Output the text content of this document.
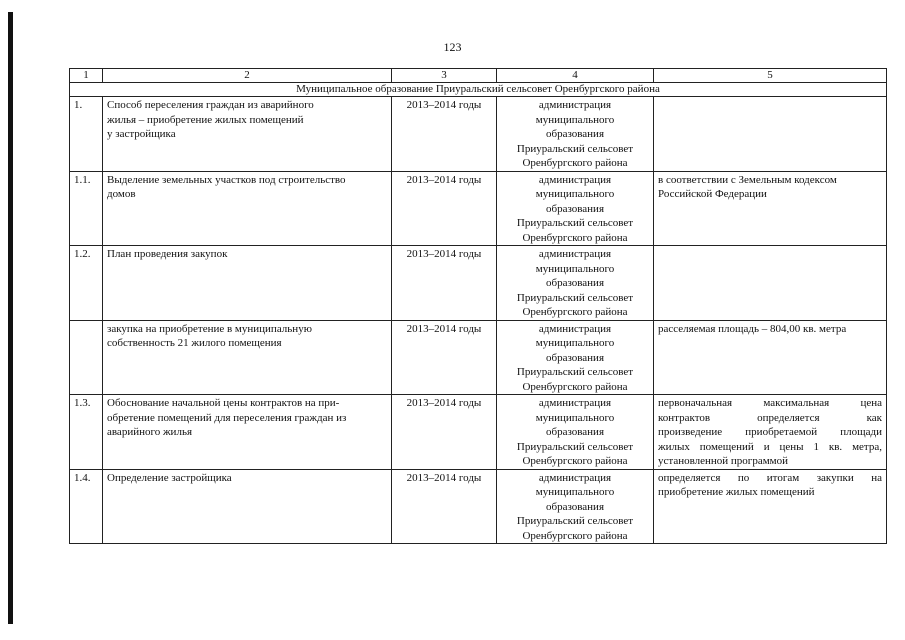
123
1	2	3	4	5
Муниципальное образование Приуральский сельсовет Оренбургского района				
1.	Способ переселения граждан из аварийного
жилья – приобретение жилых помещений
у застройщика	2013–2014 годы	администрация
муниципального
образования
Приуральский сельсовет
Оренбургского района	

1.1.	Выделение земельных участков под строительство
домов	2013–2014 годы	администрация
муниципального
образования
Приуральский сельсовет
Оренбургского района	в соответствии с Земельным кодексом
Российской Федерации

1.2.	План проведения закупок	2013–2014 годы	администрация
муниципального
образования
Приуральский сельсовет
Оренбургского района	

	закупка на приобретение в муниципальную
собственность 21 жилого помещения	2013–2014 годы	администрация
муниципального
образования
Приуральский сельсовет
Оренбургского района	расселяемая площадь – 804,00 кв. метра

1.3.	Обоснование начальной цены контрактов на при-
обретение помещений для переселения граждан из
аварийного жилья	2013–2014 годы	администрация
муниципального
образования
Приуральский сельсовет
Оренбургского района	первоначальная максимальная цена
контрактов определяется как
произведение приобретаемой площади
жилых помещений и цены 1 кв. метра,
установленной программой

1.4.	Определение застройщика	2013–2014 годы	администрация
муниципального
образования
Приуральский сельсовет
Оренбургского района	определяется по итогам закупки на
приобретение жилых помещений
